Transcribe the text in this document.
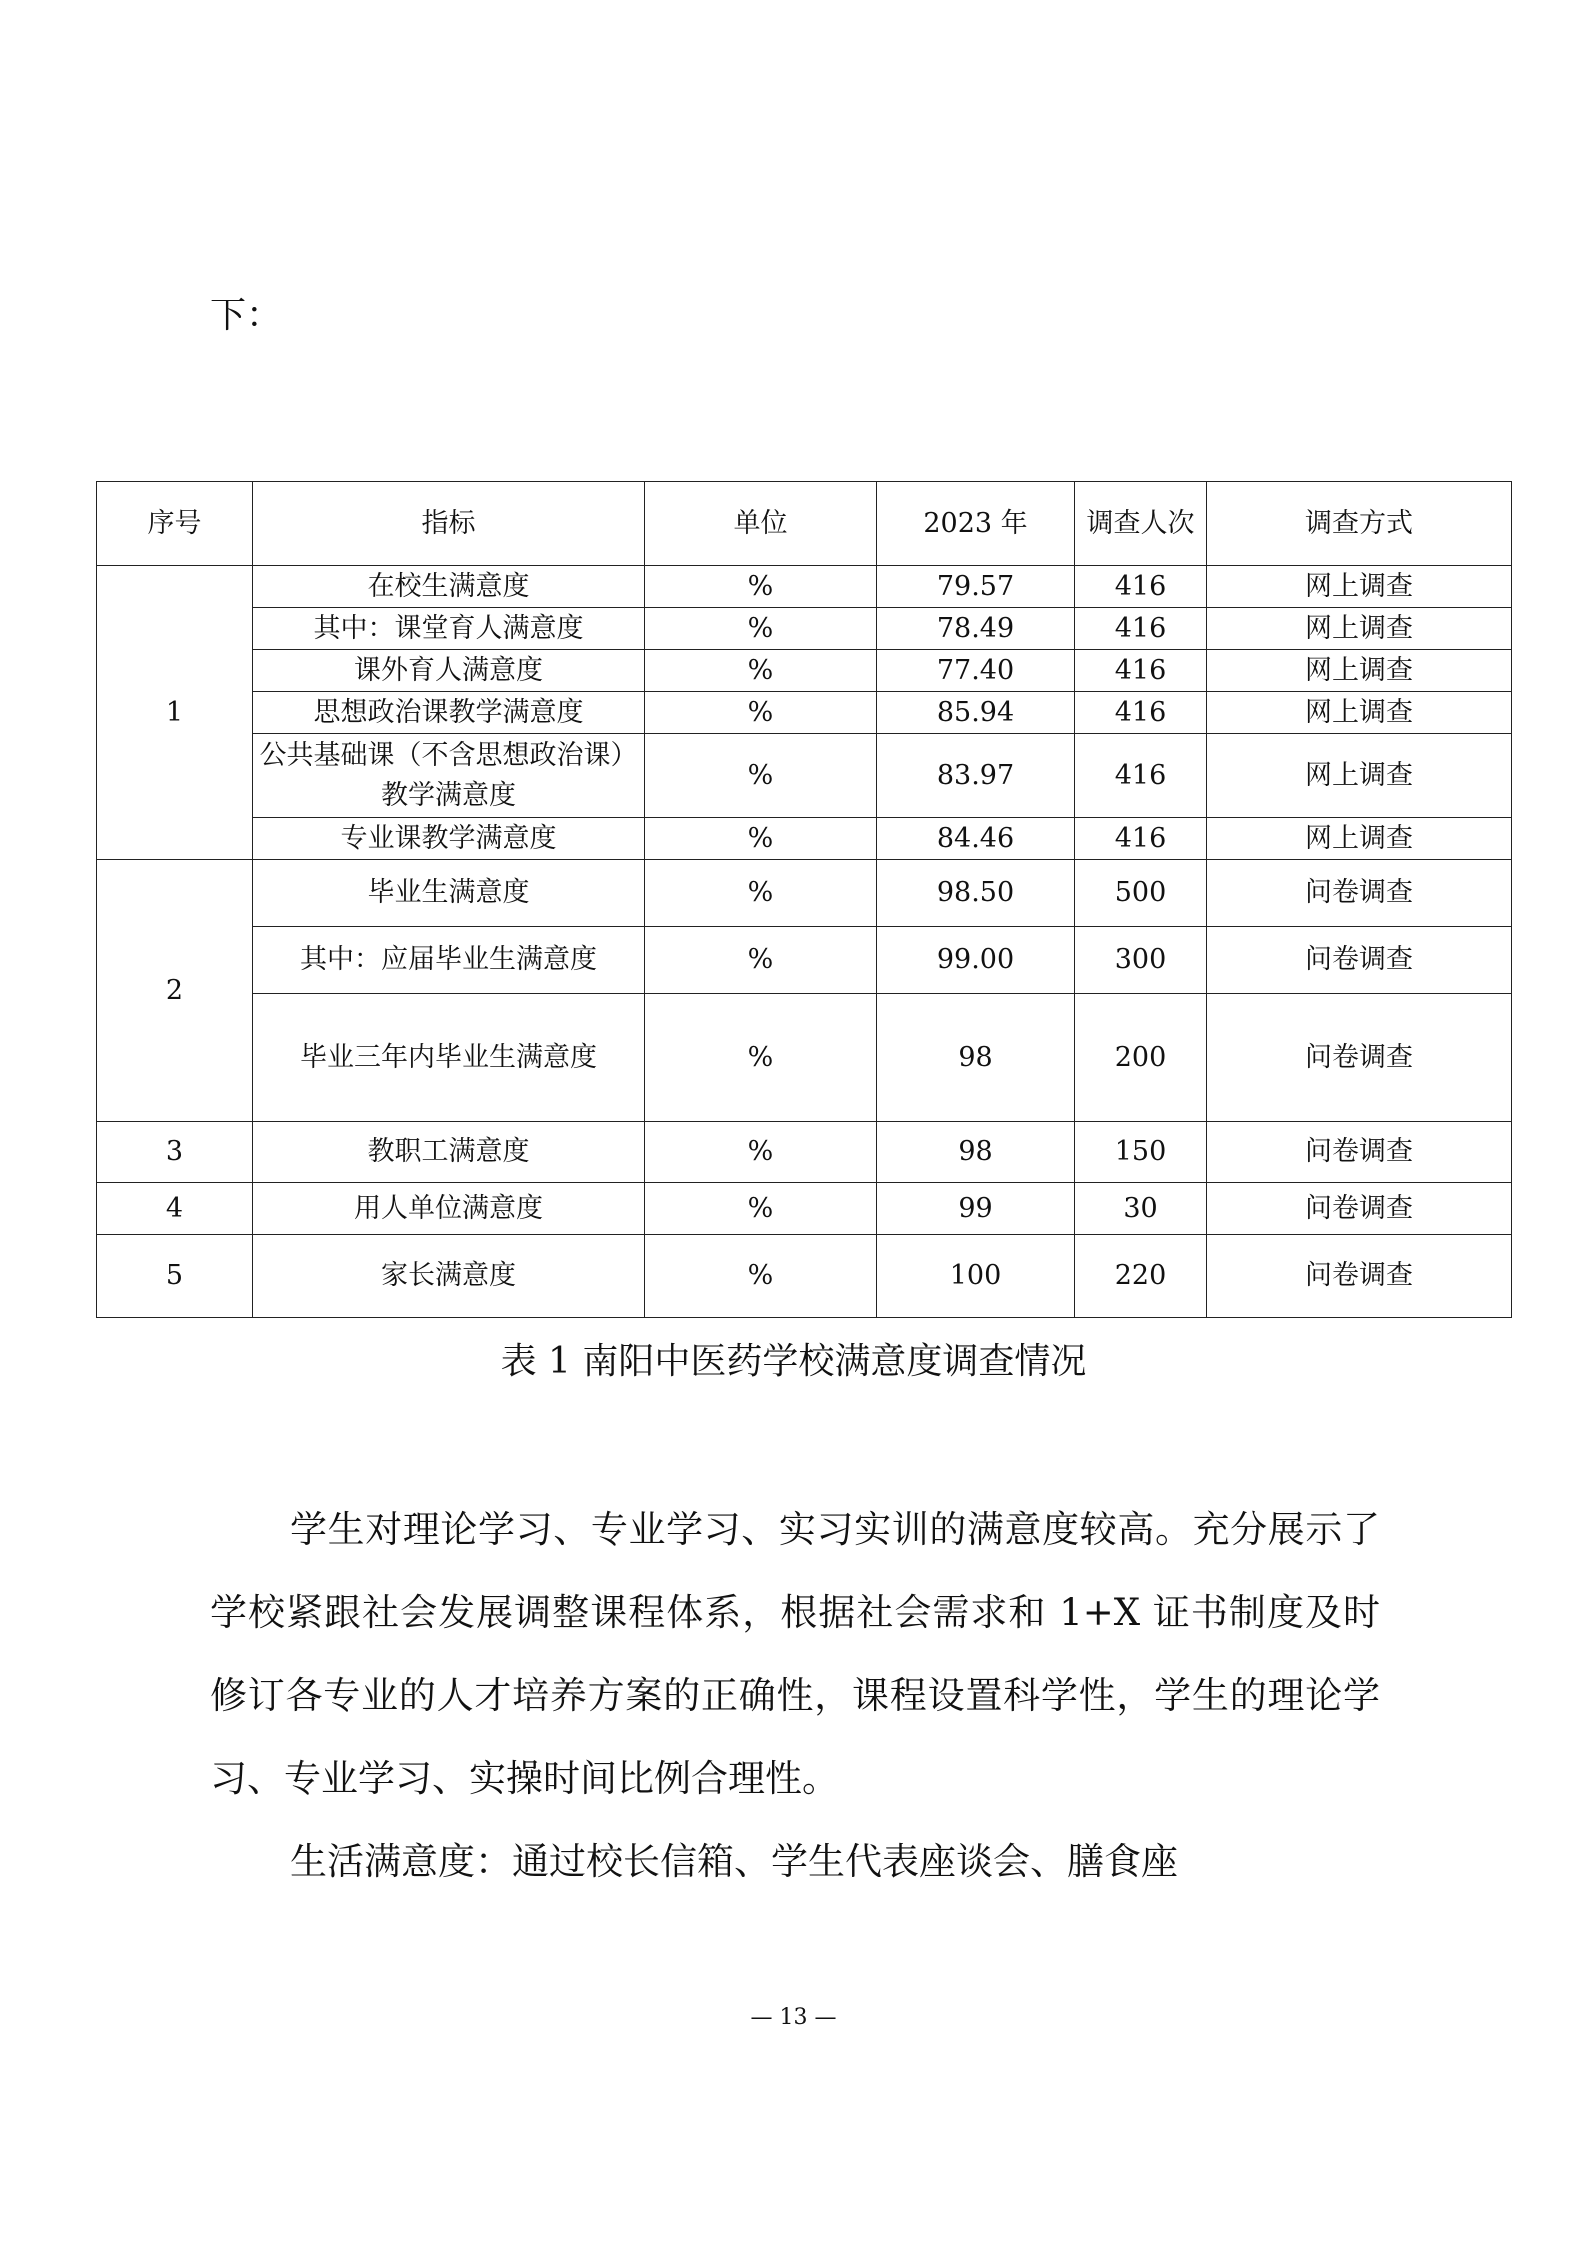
下：

序号	指标	单位	2023 年	调查人次	调查方式
1	在校生满意度	%	79.57	416	网上调查
	其中：课堂育人满意度	%	78.49	416	网上调查
	课外育人满意度	%	77.40	416	网上调查
	思想政治课教学满意度	%	85.94	416	网上调查
	公共基础课（不含思想政治课）教学满意度	%	83.97	416	网上调查
	专业课教学满意度	%	84.46	416	网上调查
2	毕业生满意度	%	98.50	500	问卷调查
	其中：应届毕业生满意度	%	99.00	300	问卷调查
	毕业三年内毕业生满意度	%	98	200	问卷调查
3	教职工满意度	%	98	150	问卷调查
4	用人单位满意度	%	99	30	问卷调查
5	家长满意度	%	100	220	问卷调查

表 1 南阳中医药学校满意度调查情况

学生对理论学习、专业学习、实习实训的满意度较高。充分展示了学校紧跟社会发展调整课程体系，根据社会需求和 1+X 证书制度及时修订各专业的人才培养方案的正确性，课程设置科学性，学生的理论学习、专业学习、实操时间比例合理性。

生活满意度：通过校长信箱、学生代表座谈会、膳食座

— 13 —
